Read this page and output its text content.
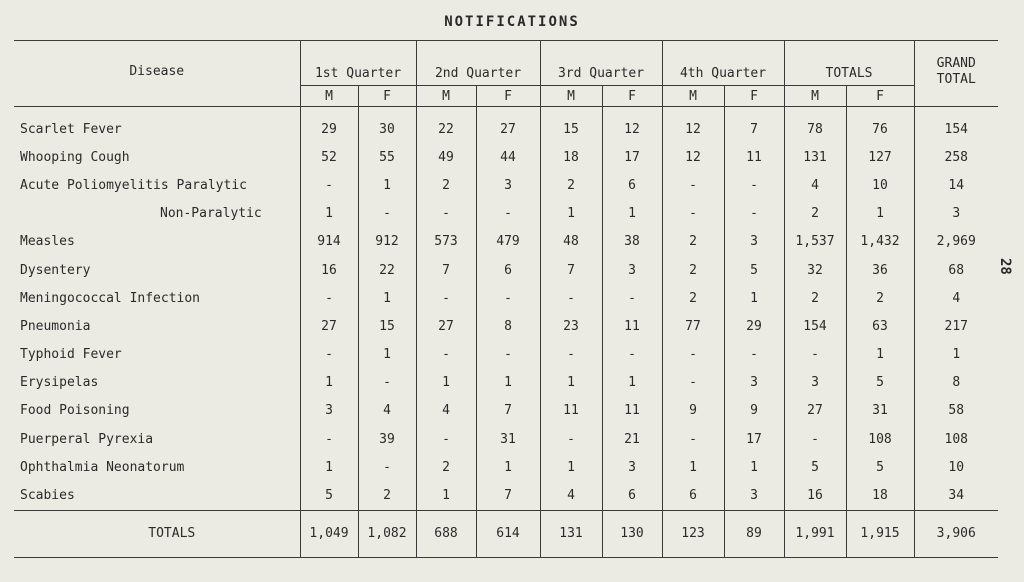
NOTIFICATIONS
28
Disease	1st Quarter		2nd Quarter		3rd Quarter		4th Quarter		TOTALS		GRAND
TOTAL
	M	F	M	F	M	F	M	F	M	F	
Scarlet Fever	29	30	22	27	15	12	12	7	78	76	154
Whooping Cough	52	55	49	44	18	17	12	11	131	127	258
Acute Poliomyelitis Paralytic	-	1	2	3	2	6	-	-	4	10	14
Non-Paralytic	1	-	-	-	1	1	-	-	2	1	3
Measles	914	912	573	479	48	38	2	3	1,537	1,432	2,969
Dysentery	16	22	7	6	7	3	2	5	32	36	68
Meningococcal Infection	-	1	-	-	-	-	2	1	2	2	4
Pneumonia	27	15	27	8	23	11	77	29	154	63	217
Typhoid Fever	-	1	-	-	-	-	-	-	-	1	1
Erysipelas	1	-	1	1	1	1	-	3	3	5	8
Food Poisoning	3	4	4	7	11	11	9	9	27	31	58
Puerperal Pyrexia	-	39	-	31	-	21	-	17	-	108	108
Ophthalmia Neonatorum	1	-	2	1	1	3	1	1	5	5	10
Scabies	5	2	1	7	4	6	6	3	16	18	34
TOTALS	1,049	1,082	688	614	131	130	123	89	1,991	1,915	3,906
